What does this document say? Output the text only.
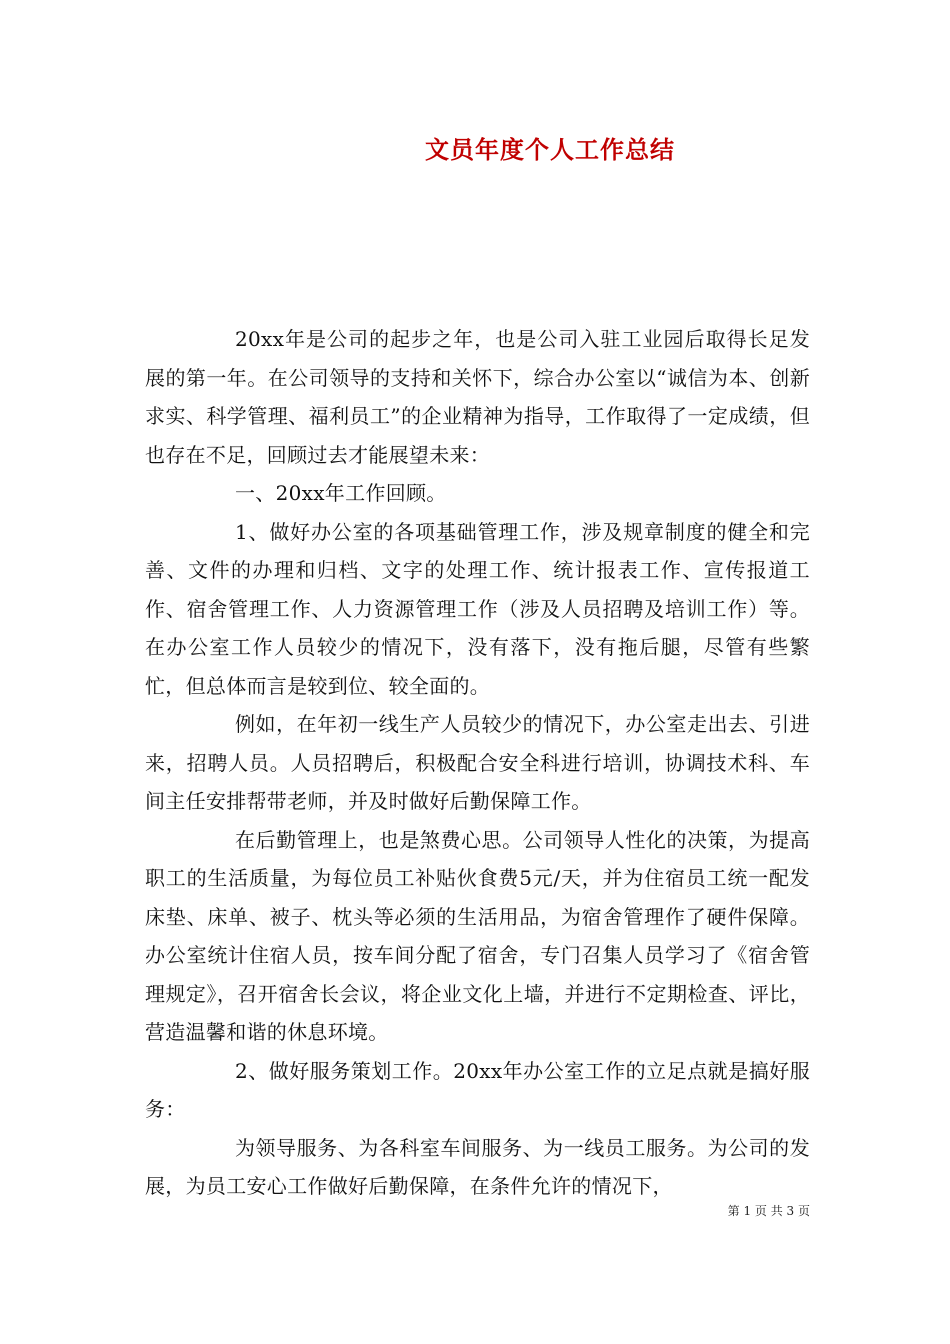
文员年度个人工作总结

20xx年是公司的起步之年，也是公司入驻工业园后取得长足发展的第一年。在公司领导的支持和关怀下，综合办公室以“诚信为本、创新求实、科学管理、福利员工”的企业精神为指导，工作取得了一定成绩，但也存在不足，回顾过去才能展望未来：

一、20xx年工作回顾。

1、做好办公室的各项基础管理工作，涉及规章制度的健全和完善、文件的办理和归档、文字的处理工作、统计报表工作、宣传报道工作、宿舍管理工作、人力资源管理工作（涉及人员招聘及培训工作）等。在办公室工作人员较少的情况下，没有落下，没有拖后腿，尽管有些繁忙，但总体而言是较到位、较全面的。

例如，在年初一线生产人员较少的情况下，办公室走出去、引进来，招聘人员。人员招聘后，积极配合安全科进行培训，协调技术科、车间主任安排帮带老师，并及时做好后勤保障工作。

在后勤管理上，也是煞费心思。公司领导人性化的决策，为提高职工的生活质量，为每位员工补贴伙食费5元/天，并为住宿员工统一配发床垫、床单、被子、枕头等必须的生活用品，为宿舍管理作了硬件保障。办公室统计住宿人员，按车间分配了宿舍，专门召集人员学习了《宿舍管理规定》，召开宿舍长会议，将企业文化上墙，并进行不定期检查、评比，营造温馨和谐的休息环境。

2、做好服务策划工作。20xx年办公室工作的立足点就是搞好服务：

为领导服务、为各科室车间服务、为一线员工服务。为公司的发展，为员工安心工作做好后勤保障，在条件允许的情况下，

第 1 页 共 3 页
